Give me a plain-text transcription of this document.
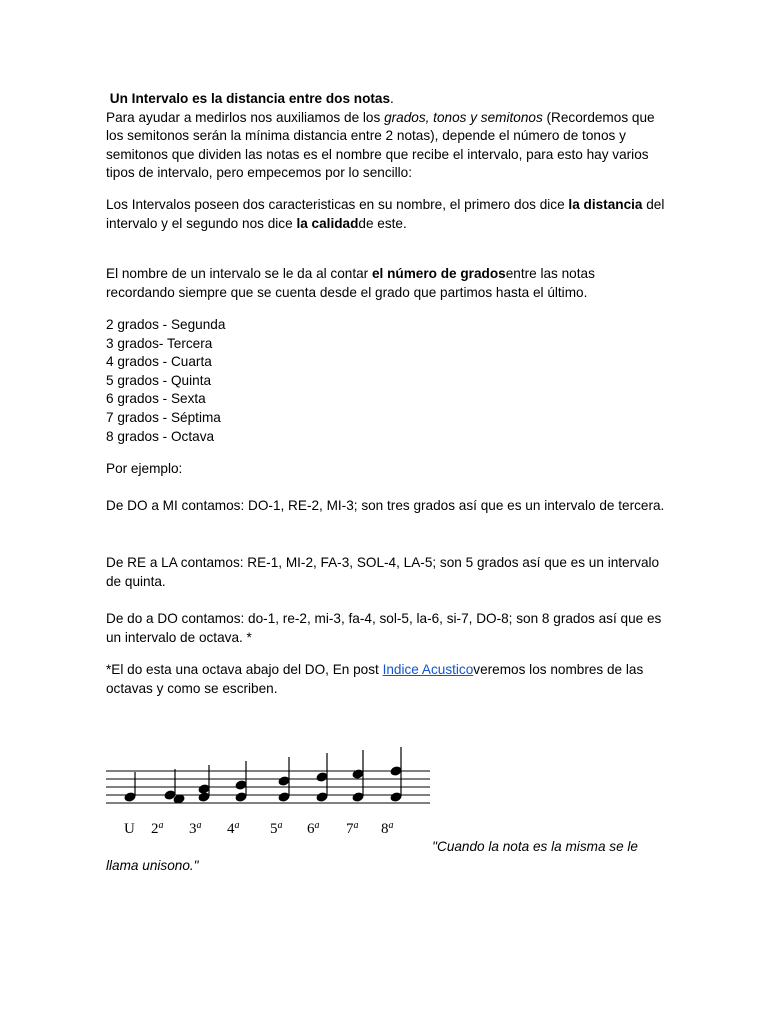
Un Intervalo es la distancia entre dos notas.

Para ayudar a medirlos nos auxiliamos de los grados, tonos y semitonos (Recordemos que los semitonos serán la mínima distancia entre 2 notas), depende el número de tonos y semitonos que dividen las notas es el nombre que recibe el intervalo, para esto hay varios tipos de intervalo, pero empecemos por lo sencillo:

Los Intervalos poseen dos caracteristicas en su nombre, el primero dos dice la distancia del intervalo y el segundo nos dice la calidadde este.

El nombre de un intervalo se le da al contar el número de gradosentre las notas recordando siempre que se cuenta desde el grado que partimos hasta el último.

2 grados - Segunda
3 grados- Tercera
4 grados - Cuarta
5 grados - Quinta
6 grados - Sexta
7 grados - Séptima
8 grados - Octava

Por ejemplo:

De DO a MI contamos: DO-1, RE-2, MI-3; son tres grados así que es un intervalo de tercera.

De RE a LA contamos: RE-1, MI-2, FA-3, SOL-4, LA-5; son 5 grados así que es un intervalo de quinta.

De do a DO contamos: do-1, re-2, mi-3, fa-4, sol-5, la-6, si-7, DO-8; son 8 grados así que es un intervalo de octava. *

*El do esta una octava abajo del DO, En post Indice Acusticoveremos los nombres de las octavas y como se escriben.

U 2$^a$ 3$^a$ 4$^a$ 5$^a$ 6$^a$ 7$^a$ 8$^a$
"Cuando la nota es la misma se le
llama unisono."
